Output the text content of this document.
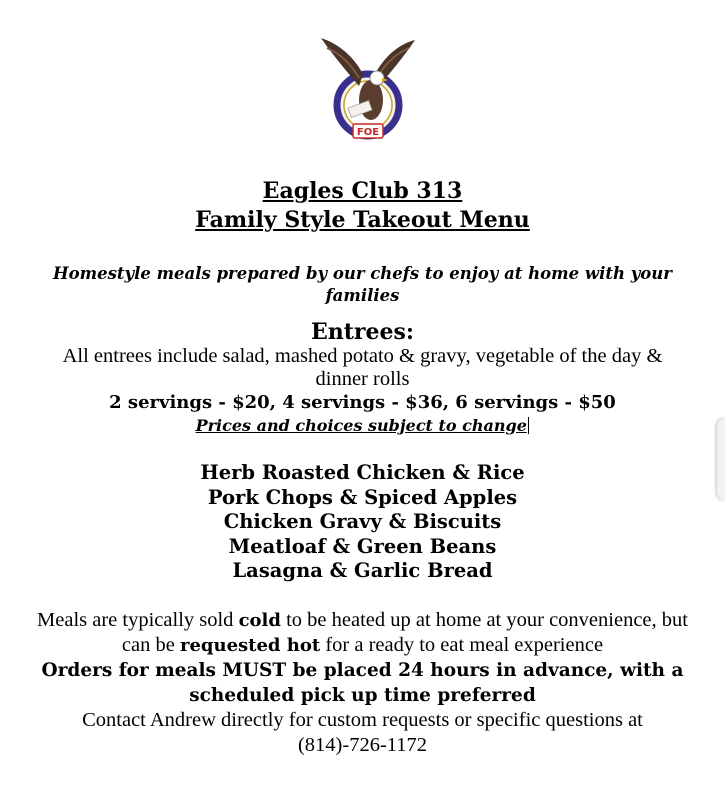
FOE

Eagles Club 313

Family Style Takeout Menu

Homestyle meals prepared by our chefs to enjoy at home with your families

Entrees:

All entrees include salad, mashed potato & gravy, vegetable of the day & dinner rolls

2 servings - $20, 4 servings - $36, 6 servings - $50

Prices and choices subject to change

Herb Roasted Chicken & Rice
Pork Chops & Spiced Apples
Chicken Gravy & Biscuits
Meatloaf & Green Beans
Lasagna & Garlic Bread

Meals are typically sold cold to be heated up at home at your convenience, but can be requested hot for a ready to eat meal experience

Orders for meals MUST be placed 24 hours in advance, with a scheduled pick up time preferred

Contact Andrew directly for custom requests or specific questions at

(814)-726-1172
